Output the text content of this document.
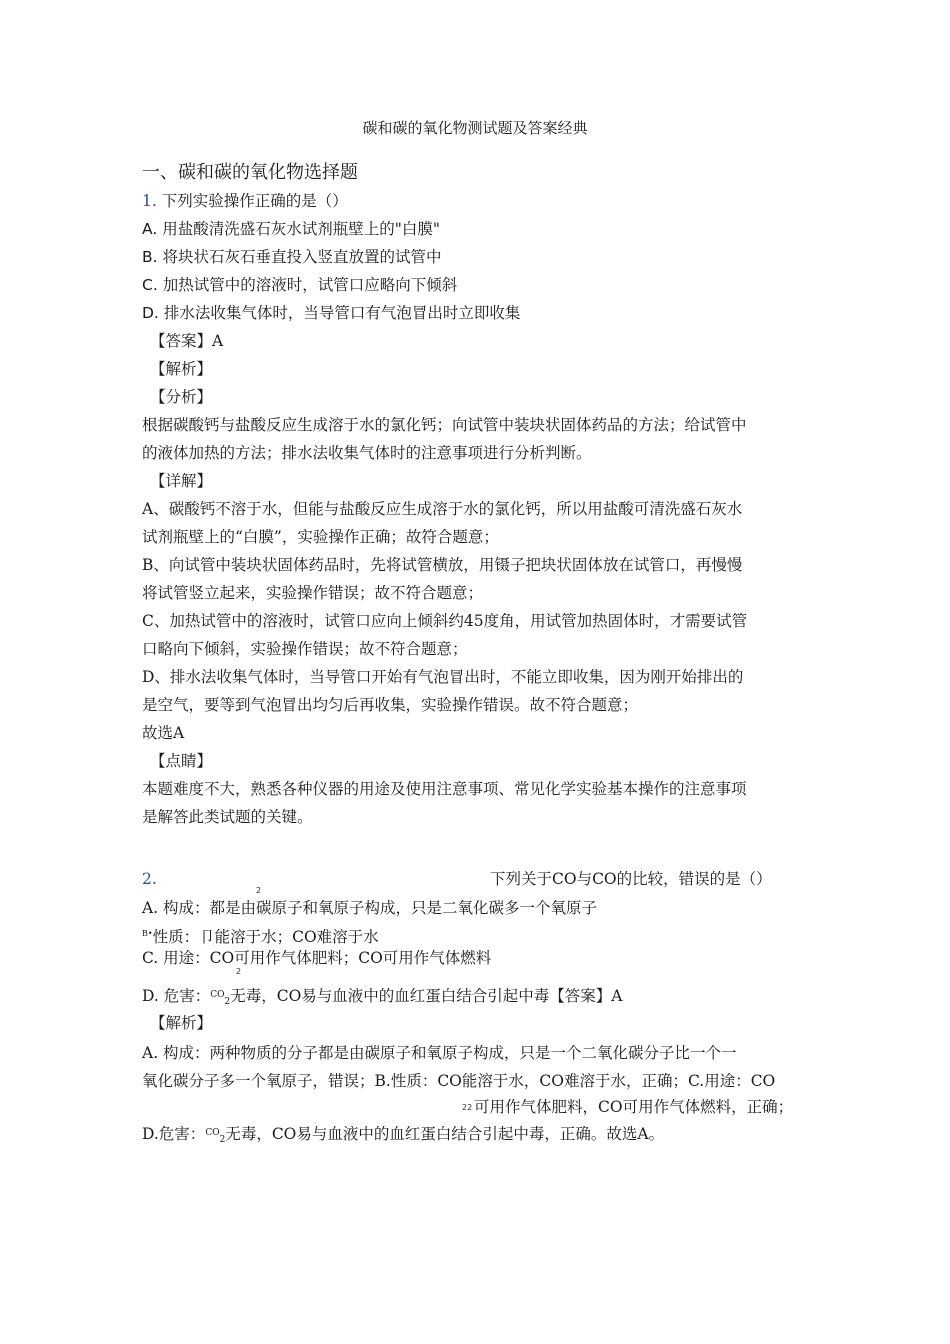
碳和碳的氧化物测试题及答案经典
一、碳和碳的氧化物选择题
1. 下列实验操作正确的是（）
A. 用盐酸清洗盛石灰水试剂瓶壁上的"白膜"
B. 将块状石灰石垂直投入竖直放置的试管中
C. 加热试管中的溶液时，试管口应略向下倾斜
D. 排水法收集气体时，当导管口有气泡冒出时立即收集
【答案】A
【解析】
【分析】
根据碳酸钙与盐酸反应生成溶于水的氯化钙；向试管中装块状固体药品的方法；给试管中
的液体加热的方法；排水法收集气体时的注意事项进行分析判断。
【详解】
A、碳酸钙不溶于水，但能与盐酸反应生成溶于水的氯化钙，所以用盐酸可清洗盛石灰水
试剂瓶壁上的“白膜”，实验操作正确；故符合题意；
B、向试管中装块状固体药品时，先将试管横放，用镊子把块状固体放在试管口，再慢慢
将试管竖立起来，实验操作错误；故不符合题意；
C、加热试管中的溶液时，试管口应向上倾斜约45度角，用试管加热固体时，才需要试管
口略向下倾斜，实验操作错误；故不符合题意；
D、排水法收集气体时，当导管口开始有气泡冒出时，不能立即收集，因为刚开始排出的
是空气，要等到气泡冒出均匀后再收集，实验操作错误。故不符合题意；
故选A
【点睛】
本题难度不大，熟悉各种仪器的用途及使用注意事项、常见化学实验基本操作的注意事项
是解答此类试题的关键。
2.	下列关于CO与CO的比较，错误的是（）
2
A. 构成：都是由碳原子和氧原子构成，只是二氧化碳多一个氧原子
$^{B•}$性质：卩能溶于水；CO难溶于水
C. 用途：CO可用作气体肥料；CO可用作气体燃料
2
D. 危害：$^{CO}_2$无毒，CO易与血液中的血红蛋白结合引起中毒【答案】A
【解析】
A. 构成：两种物质的分子都是由碳原子和氧原子构成，只是一个二氧化碳分子比一个一
氧化碳分子多一个氧原子，错误；B.性质：CO能溶于水，CO难溶于水，正确；C.用途：CO
22 可用作气体肥料，CO可用作气体燃料，正确；
D.危害：$^{CO}_2$无毒，CO易与血液中的血红蛋白结合引起中毒，正确。故选A。
